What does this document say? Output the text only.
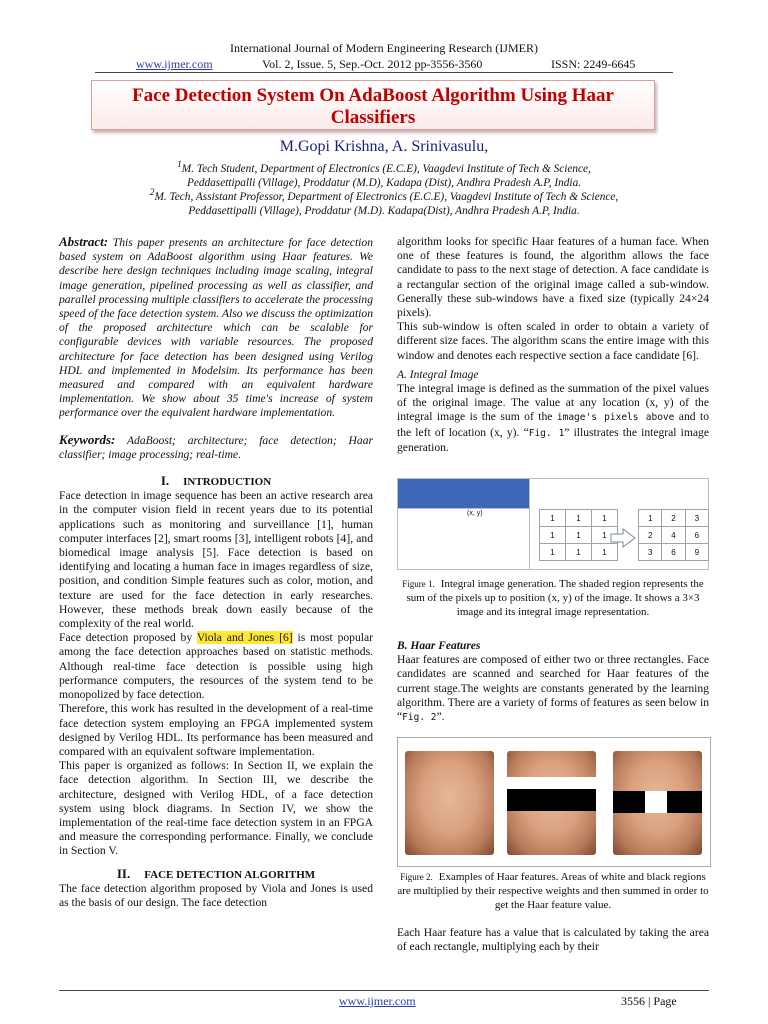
International Journal of Modern Engineering Research (IJMER)
www.ijmer.com	Vol. 2, Issue. 5, Sep.-Oct. 2012 pp-3556-3560	ISSN: 2249-6645
Face Detection System On AdaBoost Algorithm Using Haar
Classifiers
M.Gopi Krishna, A. Srinivasulu,
$^1$M. Tech Student, Department of Electronics (E.C.E), Vaagdevi Institute of Tech & Science,
Peddasettipalli (Village), Proddatur (M.D), Kadapa (Dist), Andhra Pradesh A.P, India.
$^2$M. Tech, Assistant Professor, Department of Electronics (E.C.E), Vaagdevi Institute of Tech & Science,
Peddasettipalli (Village), Proddatur (M.D). Kadapa(Dist), Andhra Pradesh A.P, India.

Abstract: This paper presents an architecture for face detection based system on AdaBoost algorithm using Haar features. We describe here design techniques including image scaling, integral image generation, pipelined processing as well as classifier, and parallel processing multiple classifiers to accelerate the processing speed of the face detection system. Also we discuss the optimization of the proposed architecture which can be scalable for configurable devices with variable resources. The proposed architecture for face detection has been designed using Verilog HDL and implemented in Modelsim. Its performance has been measured and compared with an equivalent hardware implementation. We show about 35 time's increase of system performance over the equivalent hardware implementation.

Keywords: AdaBoost; architecture; face detection; Haar classifier; image processing; real-time.

I. INTRODUCTION

Face detection in image sequence has been an active research area in the computer vision field in recent years due to its potential applications such as monitoring and surveillance [1], human computer interfaces [2], smart rooms [3], intelligent robots [4], and biomedical image analysis [5]. Face detection is based on identifying and locating a human face in images regardless of size, position, and condition Simple features such as color, motion, and texture are used for the face detection in early researches. However, these methods break down easily because of the complexity of the real world.

Face detection proposed by Viola and Jones [6] is most popular among the face detection approaches based on statistic methods. Although real-time face detection is possible using high performance computers, the resources of the system tend to be monopolized by face detection.

Therefore, this work has resulted in the development of a real-time face detection system employing an FPGA implemented system designed by Verilog HDL. Its performance has been measured and compared with an equivalent software implementation.

This paper is organized as follows: In Section II, we explain the face detection algorithm. In Section III, we describe the architecture, designed with Verilog HDL, of a face detection system using block diagrams. In Section IV, we show the implementation of the real-time face detection system in an FPGA and measure the corresponding performance. Finally, we conclude in Section V.

II. FACE DETECTION ALGORITHM

The face detection algorithm proposed by Viola and Jones is used as the basis of our design. The face detection

algorithm looks for specific Haar features of a human face. When one of these features is found, the algorithm allows the face candidate to pass to the next stage of detection. A face candidate is a rectangular section of the original image called a sub-window. Generally these sub-windows have a fixed size (typically 24×24 pixels).

This sub-window is often scaled in order to obtain a variety of different size faces. The algorithm scans the entire image with this window and denotes each respective section a face candidate [6].

A. Integral Image

The integral image is defined as the summation of the pixel values of the original image. The value at any location (x, y) of the integral image is the sum of the image's pixels above and to the left of location (x, y). “Fig. 1” illustrates the integral image generation.

(x, y)	1	1	1
1	1	1
1	1	1
1	2	3
2	4	6
3	6	9
Figure 1. Integral image generation. The shaded region represents the sum of the pixels up to position (x, y) of the image. It shows a 3×3 image and its integral image representation.
B. Haar Features

Haar features are composed of either two or three rectangles. Face candidates are scanned and searched for Haar features of the current stage.The weights are constants generated by the learning algorithm. There are a variety of forms of features as seen below in “Fig. 2”.

Figure 2. Examples of Haar features. Areas of white and black regions are multiplied by their respective weights and then summed in order to get the Haar feature value.

Each Haar feature has a value that is calculated by taking the area of each rectangle, multiplying each by their

www.ijmer.com	3556 | Page
